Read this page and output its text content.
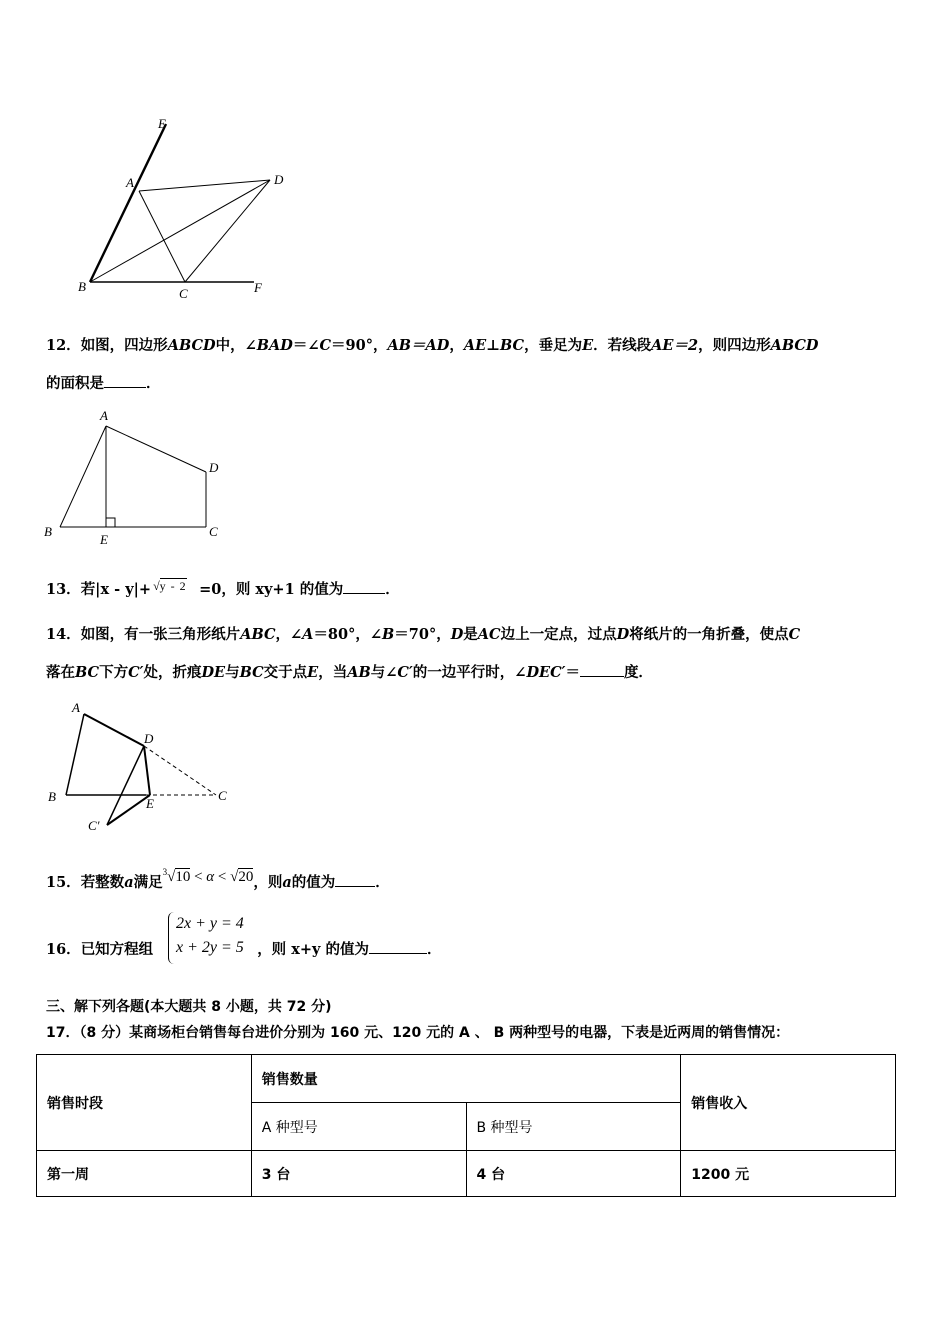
E
A	D
B	C	F
12．如图，四边形ABCD中，∠BAD＝∠C＝90°，AB＝AD，AE⊥BC，垂足为E．若线段AE＝2，则四边形ABCD
的面积是	．
A
D
B
E
C
13．若|x - y|+ √y - 2 =0，则 xy+1 的值为	．
14．如图，有一张三角形纸片ABC，∠A＝80°，∠B＝70°，D是AC边上一定点，过点D将纸片的一角折叠，使点C
落在BC下方C′处，折痕DE与BC交于点E，当AB与∠C′的一边平行时，∠DEC′＝	度．
A
D
B	E
C
C′
15．若整数a满足$^3$√10 < α < √20，则a的值为	．
16．已知方程组	，则 x+y 的值为	．
2x + y = 4
x + 2y = 5
三、解下列各题(本大题共 8 小题，共 72 分)
17．（8 分）某商场柜台销售每台进价分别为 160 元、120 元的 A 、 B 两种型号的电器，下表是近两周的销售情况：
销售时段	销售数量		销售收入
	A 种型号	B 种型号	
第一周	3 台	4 台	1200 元
